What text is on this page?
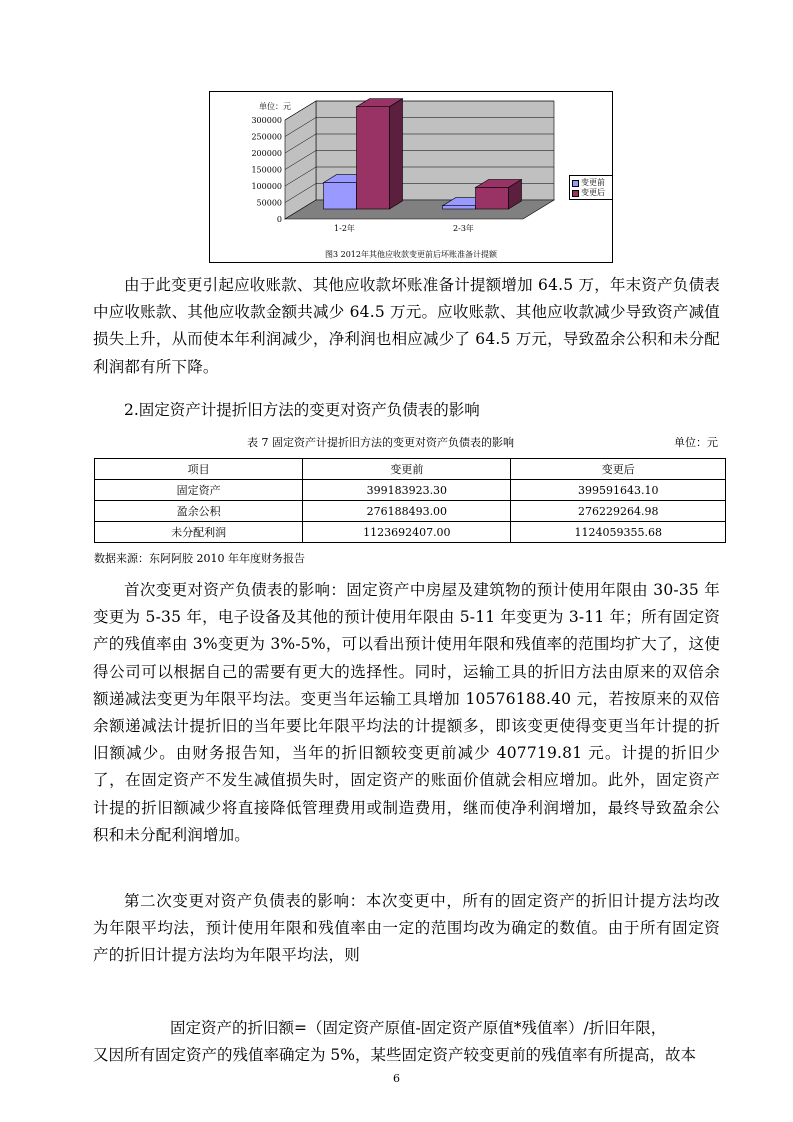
300000
250000
200000
150000
100000
50000
0
单位：元
1-2年	2-3年
变更前
变更后
图3 2012年其他应收款变更前后坏账准备计提额

由于此变更引起应收账款、其他应收款坏账准备计提额增加 64.5 万，年末资产负债表中应收账款、其他应收款金额共减少 64.5 万元。应收账款、其他应收款减少导致资产减值损失上升，从而使本年利润减少，净利润也相应减少了 64.5 万元，导致盈余公积和未分配利润都有所下降。

2.固定资产计提折旧方法的变更对资产负债表的影响

表 7 固定资产计提折旧方法的变更对资产负债表的影响	单位：元
项目	变更前	变更后
固定资产	399183923.30	399591643.10
盈余公积	276188493.00	276229264.98
未分配利润	1123692407.00	1124059355.68
数据来源：东阿阿胶 2010 年年度财务报告

首次变更对资产负债表的影响：固定资产中房屋及建筑物的预计使用年限由 30-35 年变更为 5-35 年，电子设备及其他的预计使用年限由 5-11 年变更为 3-11 年；所有固定资产的残值率由 3%变更为 3%-5%，可以看出预计使用年限和残值率的范围均扩大了，这使得公司可以根据自己的需要有更大的选择性。同时，运输工具的折旧方法由原来的双倍余额递减法变更为年限平均法。变更当年运输工具增加 10576188.40 元，若按原来的双倍余额递减法计提折旧的当年要比年限平均法的计提额多，即该变更使得变更当年计提的折旧额减少。由财务报告知，当年的折旧额较变更前减少 407719.81 元。计提的折旧少了，在固定资产不发生减值损失时，固定资产的账面价值就会相应增加。此外，固定资产计提的折旧额减少将直接降低管理费用或制造费用，继而使净利润增加，最终导致盈余公积和未分配利润增加。

第二次变更对资产负债表的影响：本次变更中，所有的固定资产的折旧计提方法均改为年限平均法，预计使用年限和残值率由一定的范围均改为确定的数值。由于所有固定资产的折旧计提方法均为年限平均法，则

固定资产的折旧额=（固定资产原值-固定资产原值*残值率）/折旧年限，

又因所有固定资产的残值率确定为 5%，某些固定资产较变更前的残值率有所提高，故本

6
